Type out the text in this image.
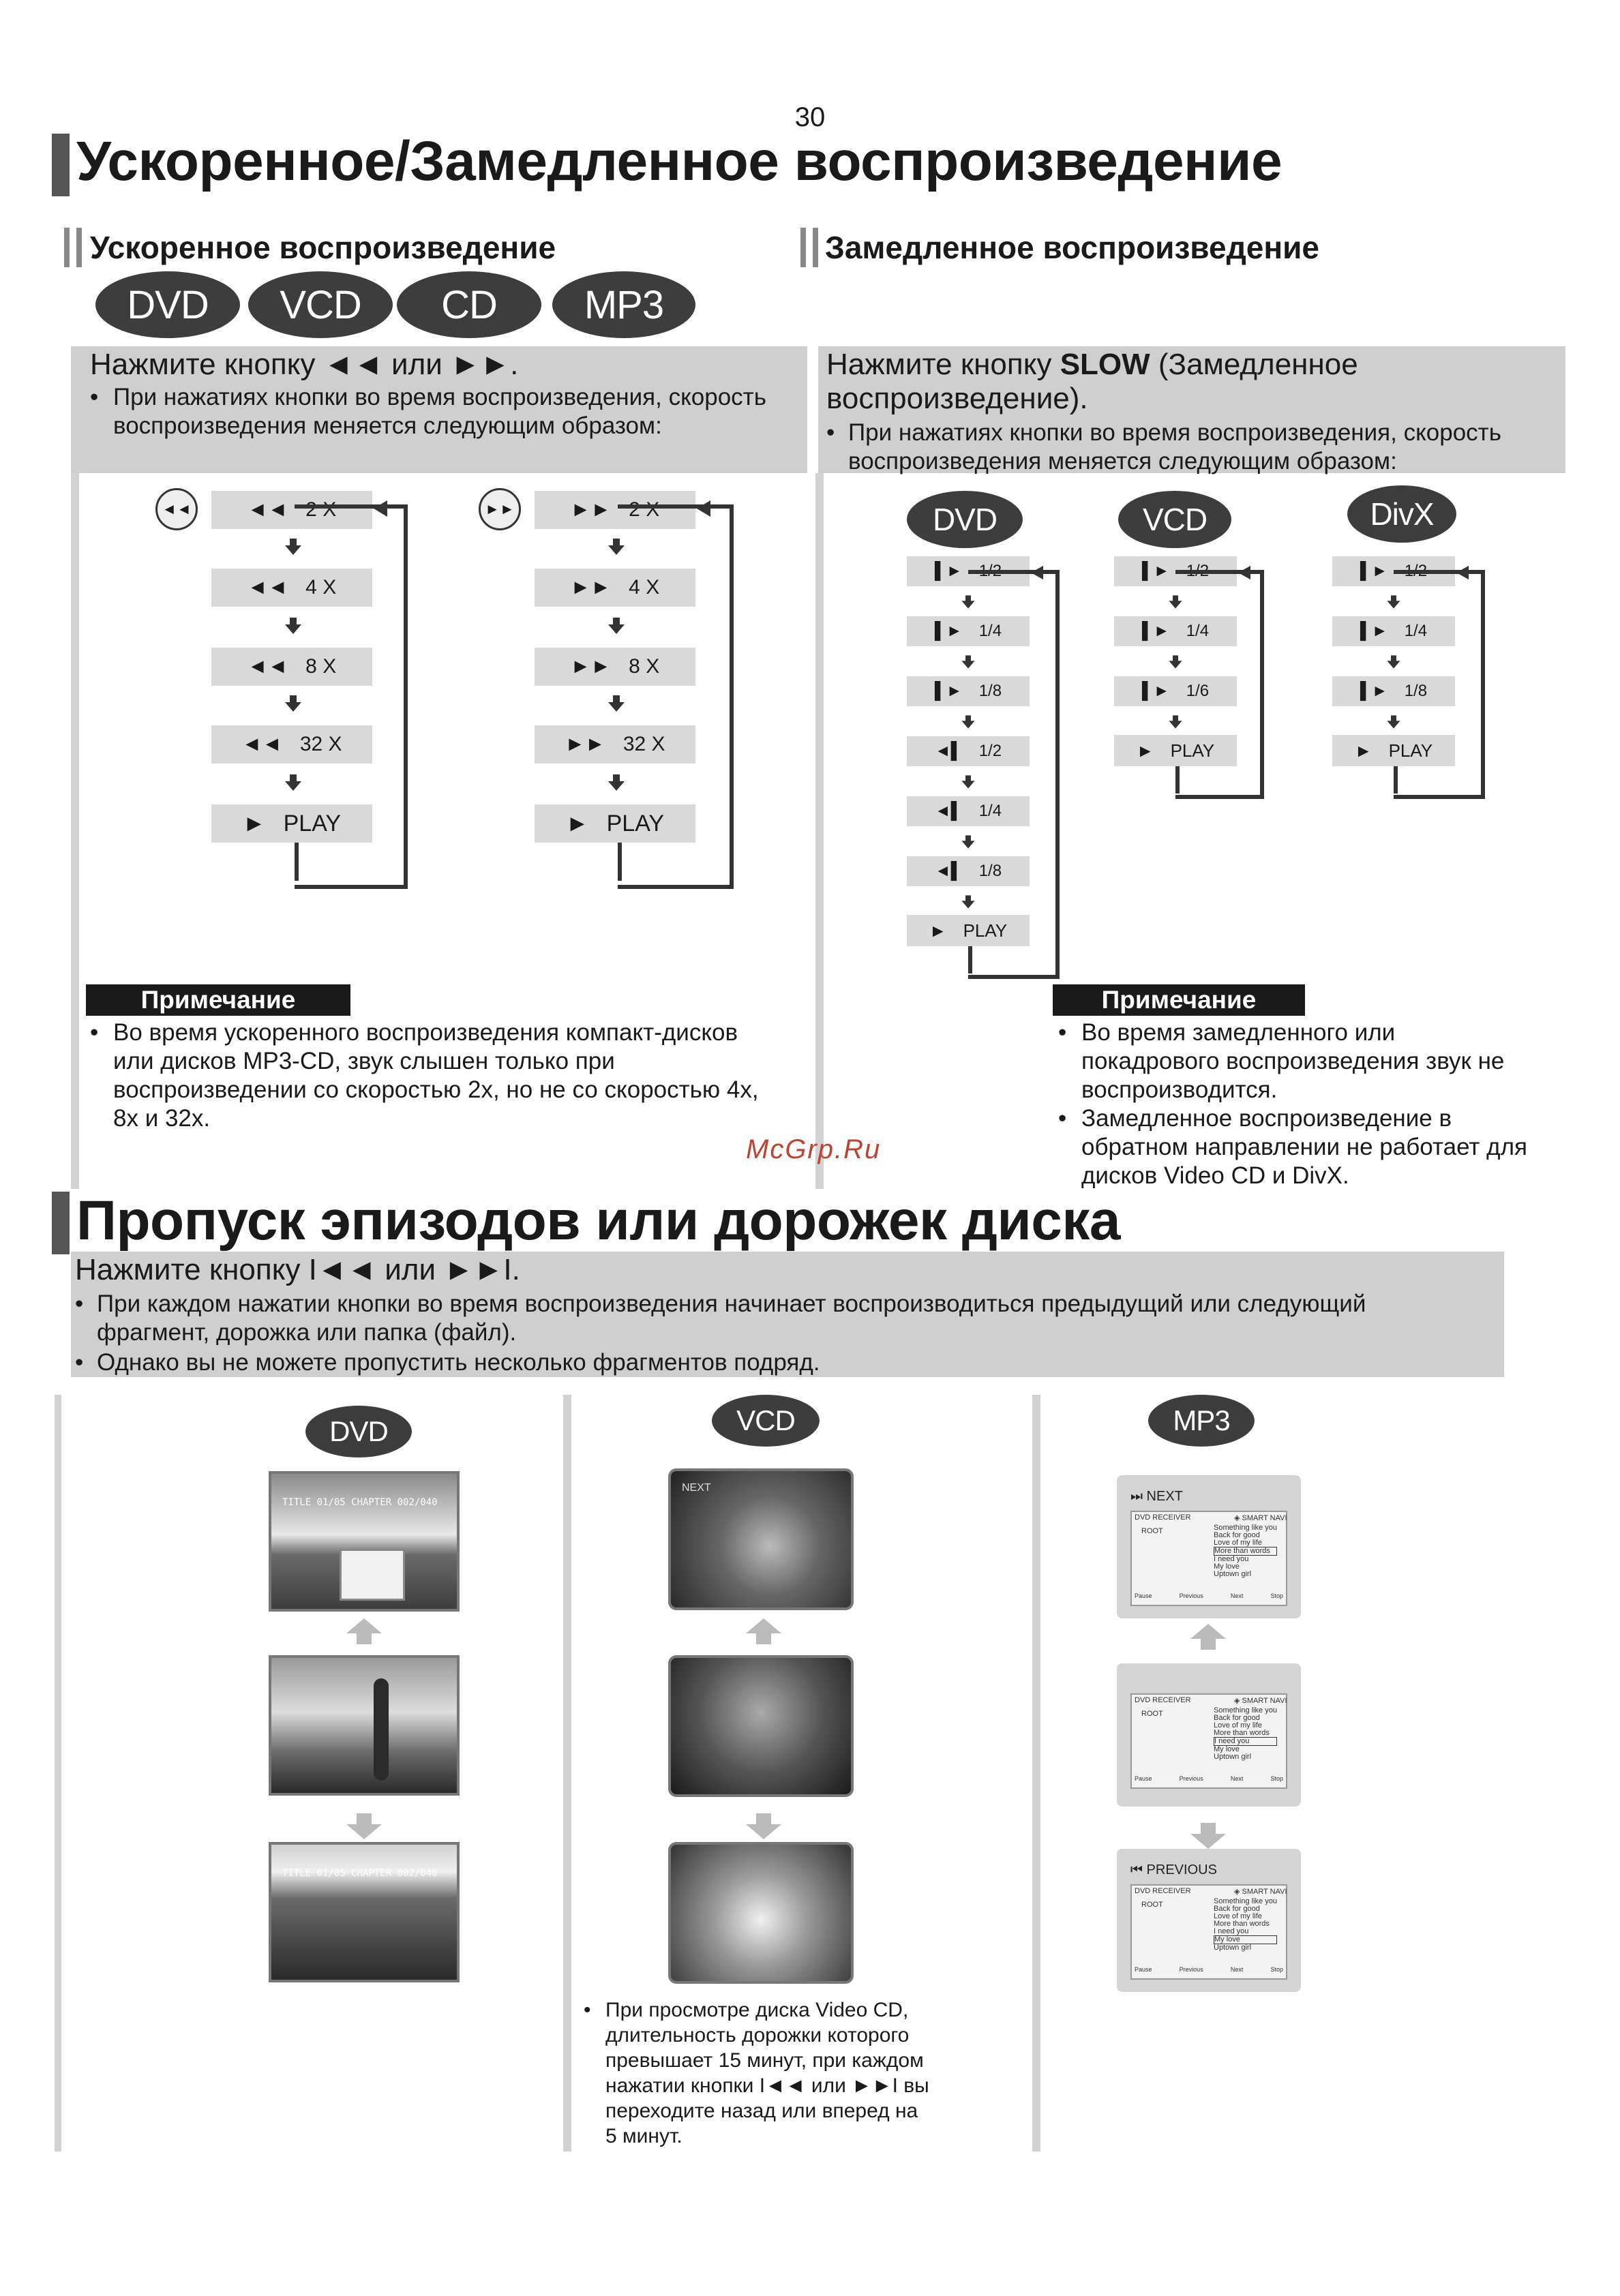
30
Ускоренное/Замедленное воспроизведение
Ускоренное воспроизведение	Замедленное воспроизведение
DVD	VCD	CD	MP3
Нажмите кнопку ◄◄ или ►►.
• При нажатиях кнопки во время воспроизведения, скорость
воспроизведения меняется следующим образом:
Нажмите кнопку SLOW (Замедленное
воспроизведение).
• При нажатиях кнопки во время воспроизведения, скорость
воспроизведения меняется следующим образом:
◄◄	◄◄ 2 X
◄◄ 4 X
◄◄ 8 X
◄◄ 32 X
► PLAY
►►	►► 2 X
►► 4 X
►► 8 X
►► 32 X
► PLAY
DVD	VCD	DivX
▌► 1/2
▌► 1/4
▌► 1/8
◄▌ 1/2
◄▌ 1/4
◄▌ 1/8
► PLAY
▌► 1/2
▌► 1/4
▌► 1/6
► PLAY
▌► 1/2
▌► 1/4
▌► 1/8
► PLAY
Примечание
• Во время ускоренного воспроизведения компакт-дисков
или дисков MP3-CD, звук слышен только при
воспроизведении со скоростью 2x, но не со скоростью 4x,
8x и 32x.
Примечание
• Во время замедленного или
покадрового воспроизведения звук не
воспроизводится.
• Замедленное воспроизведение в
обратном направлении не работает для
дисков Video CD и DivX.
McGrp.Ru
Пропуск эпизодов или дорожек диска
Нажмите кнопку I◄◄ или ►►I.
• При каждом нажатии кнопки во время воспроизведения начинает воспроизводиться предыдущий или следующий
фрагмент, дорожка или папка (файл).
• Однако вы не можете пропустить несколько фрагментов подряд.
DVD	VCD	MP3
TITLE 01/05 CHAPTER 002/040
TITLE 01/05 CHAPTER 002/040
NEXT
⏭ NEXT
DVD RECEIVER	◈ SMART NAVI
ROOT	Something like you
Back for good
Love of my life
More than words
I need you
My love
Uptown girl
Pause	Previous	Next	Stop
DVD RECEIVER	◈ SMART NAVI
ROOT	Something like you
Back for good
Love of my life
More than words
I need you
My love
Uptown girl
Pause	Previous	Next	Stop
⏮ PREVIOUS
DVD RECEIVER	◈ SMART NAVI
ROOT	Something like you
Back for good
Love of my life
More than words
I need you
My love
Uptown girl
Pause	Previous	Next	Stop
• При просмотре диска Video CD,
длительность дорожки которого
превышает 15 минут, при каждом
нажатии кнопки I◄◄ или ►►I вы
переходите назад или вперед на
5 минут.
